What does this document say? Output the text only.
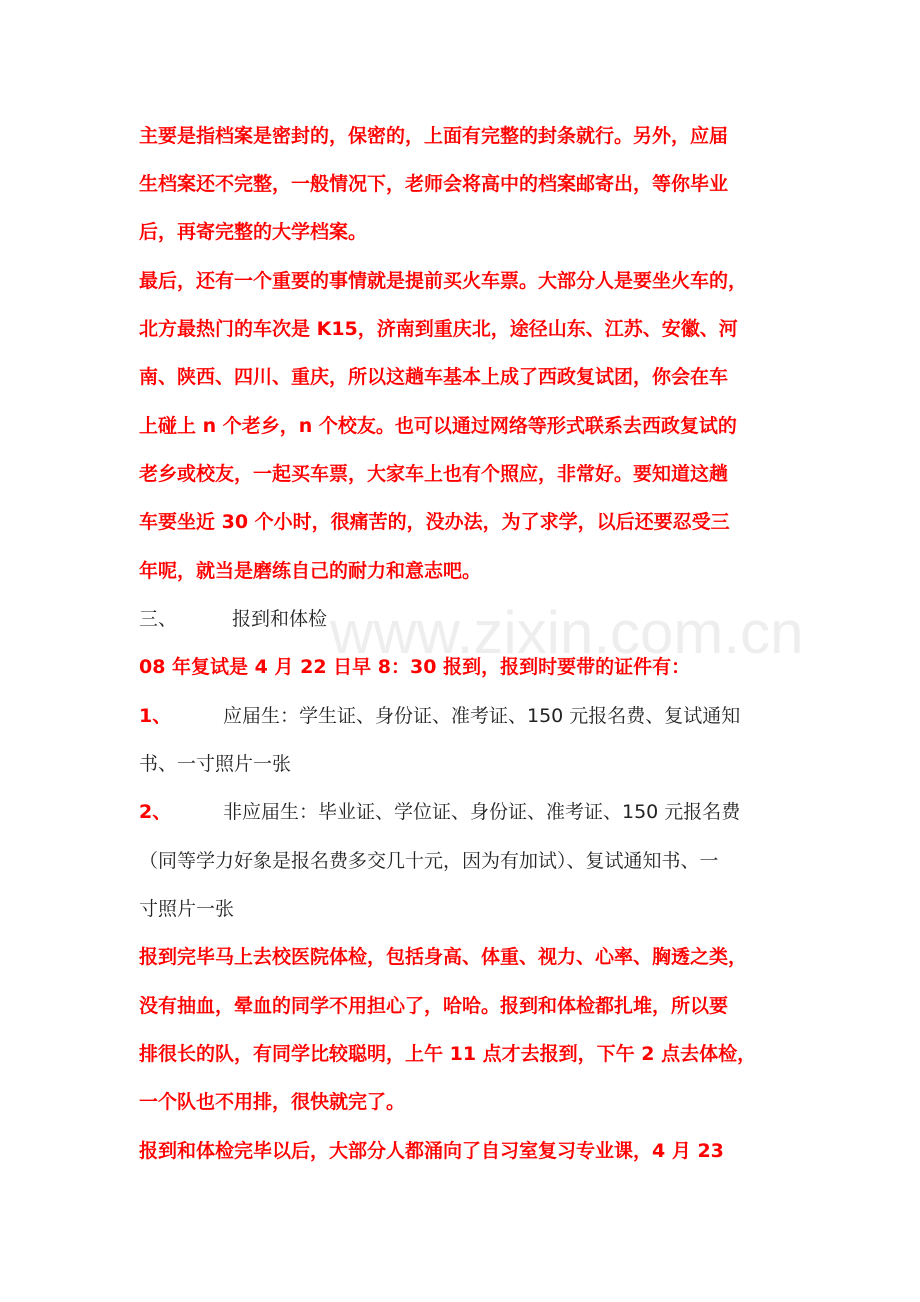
主要是指档案是密封的，保密的，上面有完整的封条就行。另外，应届
生档案还不完整，一般情况下，老师会将高中的档案邮寄出，等你毕业
后，再寄完整的大学档案。
最后，还有一个重要的事情就是提前买火车票。大部分人是要坐火车的，
北方最热门的车次是 K15，济南到重庆北，途径山东、江苏、安徽、河
南、陕西、四川、重庆，所以这趟车基本上成了西政复试团，你会在车
上碰上 n 个老乡，n 个校友。也可以通过网络等形式联系去西政复试的
老乡或校友，一起买车票，大家车上也有个照应，非常好。要知道这趟
车要坐近 30 个小时，很痛苦的，没办法，为了求学，以后还要忍受三
年呢，就当是磨练自己的耐力和意志吧。
三、	报到和体检
08 年复试是 4 月 22 日早 8：30 报到，报到时要带的证件有：
1、	应届生：学生证、身份证、准考证、150 元报名费、复试通知
书、一寸照片一张
2、	非应届生：毕业证、学位证、身份证、准考证、150 元报名费
（同等学力好象是报名费多交几十元，因为有加试）、复试通知书、一
寸照片一张
报到完毕马上去校医院体检，包括身高、体重、视力、心率、胸透之类，
没有抽血，晕血的同学不用担心了，哈哈。报到和体检都扎堆，所以要
排很长的队，有同学比较聪明，上午 11 点才去报到，下午 2 点去体检，
一个队也不用排，很快就完了。
报到和体检完毕以后，大部分人都涌向了自习室复习专业课，4 月 23
www.zixin.com.cn
